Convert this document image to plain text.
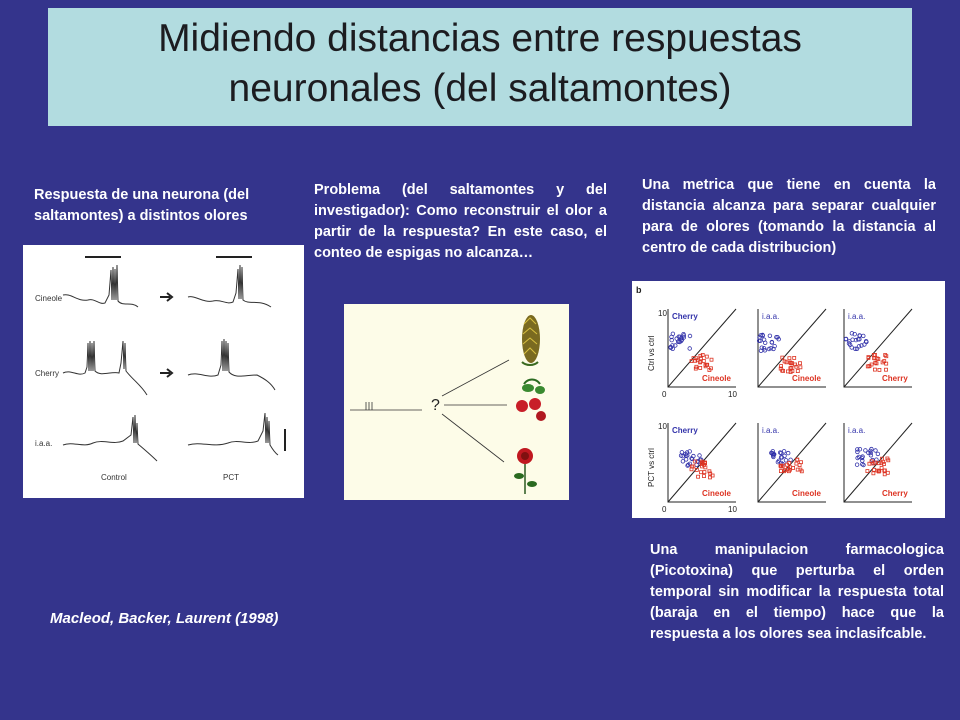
Midiendo distancias entre respuestas
neuronales (del saltamontes)
Respuesta de una neurona (del saltamontes) a distintos olores
Cineole
Cherry
i.a.a.
Control	PCT
Macleod, Backer, Laurent (1998)
Problema (del saltamontes y del investigador): Como reconstruir el olor a partir de la respuesta? En este caso, el conteo de espigas no alcanza…
?
Una metrica que tiene en cuenta la distancia alcanza para separar cualquier para de olores (tomando la distancia al centro de cada distribucion)
b
Ctrl vs ctrl
PCT vs ctrl
10
0	10
10
0	10
Cherry
Cineole
i.a.a.
Cineole
i.a.a.
Cherry
Cherry
Cineole
i.a.a.
Cineole
i.a.a.
Cherry
Una manipulacion farmacologica (Picotoxina) que perturba el orden temporal sin modificar la respuesta total (baraja en el tiempo) hace que la respuesta a los olores sea inclasifcable.
